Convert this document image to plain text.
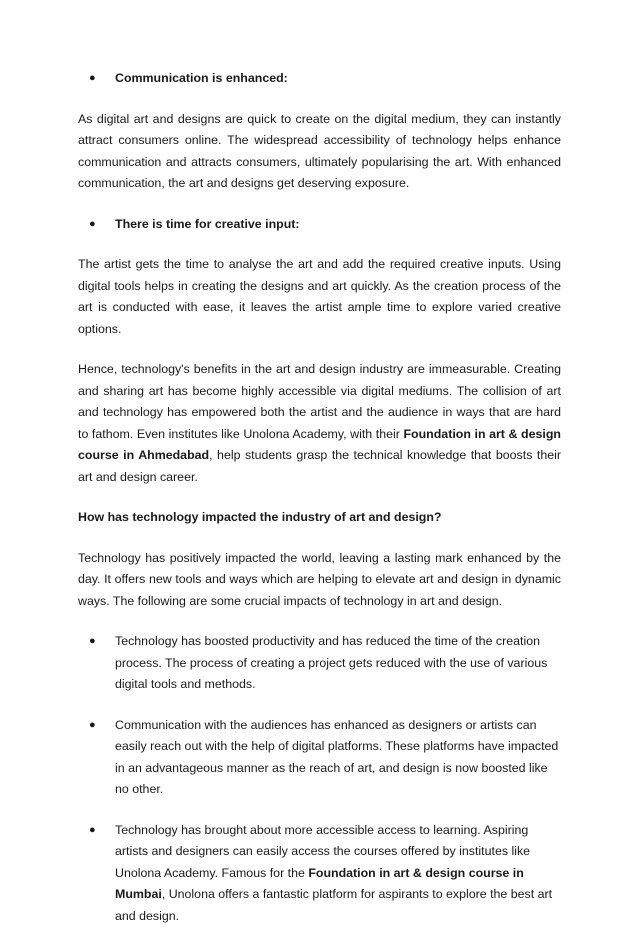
● Communication is enhanced:

As digital art and designs are quick to create on the digital medium, they can instantly attract consumers online. The widespread accessibility of technology helps enhance communication and attracts consumers, ultimately popularising the art. With enhanced communication, the art and designs get deserving exposure.

● There is time for creative input:

The artist gets the time to analyse the art and add the required creative inputs. Using digital tools helps in creating the designs and art quickly. As the creation process of the art is conducted with ease, it leaves the artist ample time to explore varied creative options.

Hence, technology's benefits in the art and design industry are immeasurable. Creating and sharing art has become highly accessible via digital mediums. The collision of art and technology has empowered both the artist and the audience in ways that are hard to fathom. Even institutes like Unolona Academy, with their Foundation in art & design course in Ahmedabad, help students grasp the technical knowledge that boosts their art and design career.

How has technology impacted the industry of art and design?

Technology has positively impacted the world, leaving a lasting mark enhanced by the day. It offers new tools and ways which are helping to elevate art and design in dynamic ways. The following are some crucial impacts of technology in art and design.

● Technology has boosted productivity and has reduced the time of the creation process. The process of creating a project gets reduced with the use of various digital tools and methods.
● Communication with the audiences has enhanced as designers or artists can easily reach out with the help of digital platforms. These platforms have impacted in an advantageous manner as the reach of art, and design is now boosted like no other.
● Technology has brought about more accessible access to learning. Aspiring artists and designers can easily access the courses offered by institutes like Unolona Academy. Famous for the Foundation in art & design course in Mumbai, Unolona offers a fantastic platform for aspirants to explore the best art and design.
